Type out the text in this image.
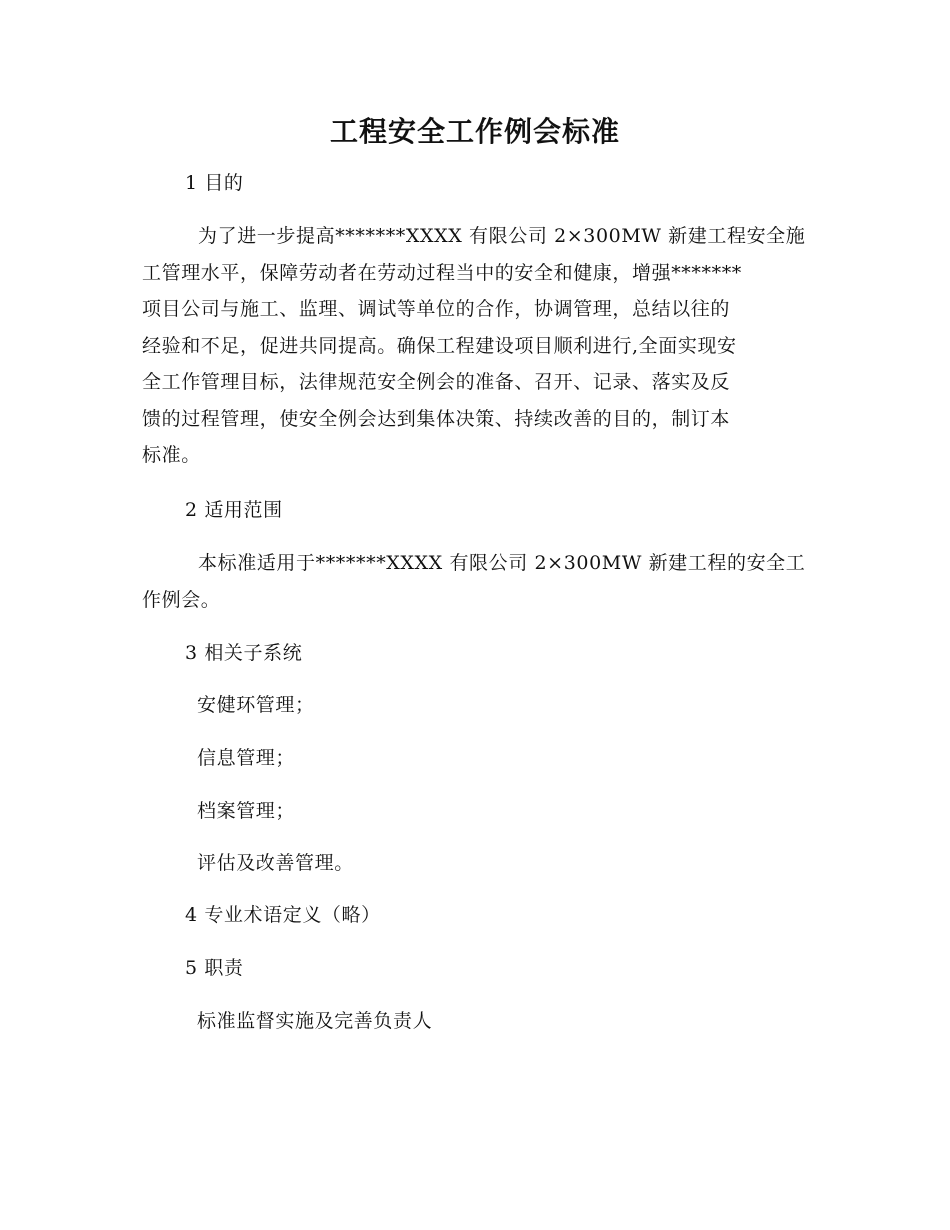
工程安全工作例会标准
1 目的
为了进一步提高*******XXXX 有限公司 2×300MW 新建工程安全施
工管理水平，保障劳动者在劳动过程当中的安全和健康，增强*******
项目公司与施工、监理、调试等单位的合作，协调管理，总结以往的
经验和不足，促进共同提高。确保工程建设项目顺利进行,全面实现安
全工作管理目标，法律规范安全例会的准备、召开、记录、落实及反
馈的过程管理，使安全例会达到集体决策、持续改善的目的，制订本
标准。
2 适用范围
本标准适用于*******XXXX 有限公司 2×300MW 新建工程的安全工
作例会。
3 相关子系统
安健环管理；
信息管理；
档案管理；
评估及改善管理。
4 专业术语定义（略）
5 职责
标准监督实施及完善负责人
